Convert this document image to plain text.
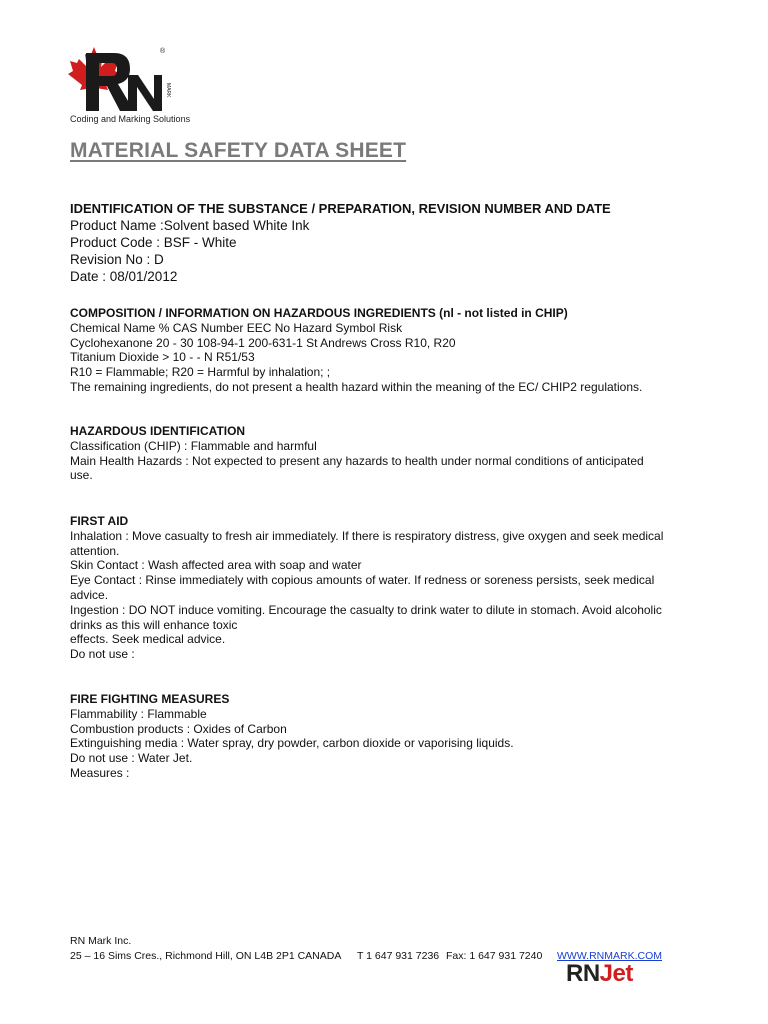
®
MARK
Coding and Marking Solutions
MATERIAL SAFETY DATA SHEET
IDENTIFICATION OF THE SUBSTANCE / PREPARATION, REVISION NUMBER AND DATE
Product Name :Solvent based White Ink
Product Code : BSF - White
Revision No : D
Date : 08/01/2012
COMPOSITION / INFORMATION ON HAZARDOUS INGREDIENTS (nl - not listed in CHIP)
Chemical Name % CAS Number EEC No Hazard Symbol Risk
Cyclohexanone 20 - 30 108-94-1 200-631-1 St Andrews Cross R10, R20
Titanium Dioxide > 10 - - N R51/53
R10 = Flammable; R20 = Harmful by inhalation; ;
The remaining ingredients, do not present a health hazard within the meaning of the EC/ CHIP2 regulations.
HAZARDOUS IDENTIFICATION
Classification (CHIP) : Flammable and harmful
Main Health Hazards : Not expected to present any hazards to health under normal conditions of anticipated
use.
FIRST AID
Inhalation : Move casualty to fresh air immediately. If there is respiratory distress, give oxygen and seek medical
attention.
Skin Contact : Wash affected area with soap and water
Eye Contact : Rinse immediately with copious amounts of water. If redness or soreness persists, seek medical
advice.
Ingestion : DO NOT induce vomiting. Encourage the casualty to drink water to dilute in stomach. Avoid alcoholic
drinks as this will enhance toxic
effects. Seek medical advice.
Do not use :
FIRE FIGHTING MEASURES
Flammability : Flammable
Combustion products : Oxides of Carbon
Extinguishing media : Water spray, dry powder, carbon dioxide or vaporising liquids.
Do not use : Water Jet.
Measures :
RN Mark Inc.
25 – 16 Sims Cres., Richmond Hill, ON L4B 2P1 CANADA T 1 647 931 7236 Fax: 1 647 931 7240 WWW.RNMARK.COM
RNJet
